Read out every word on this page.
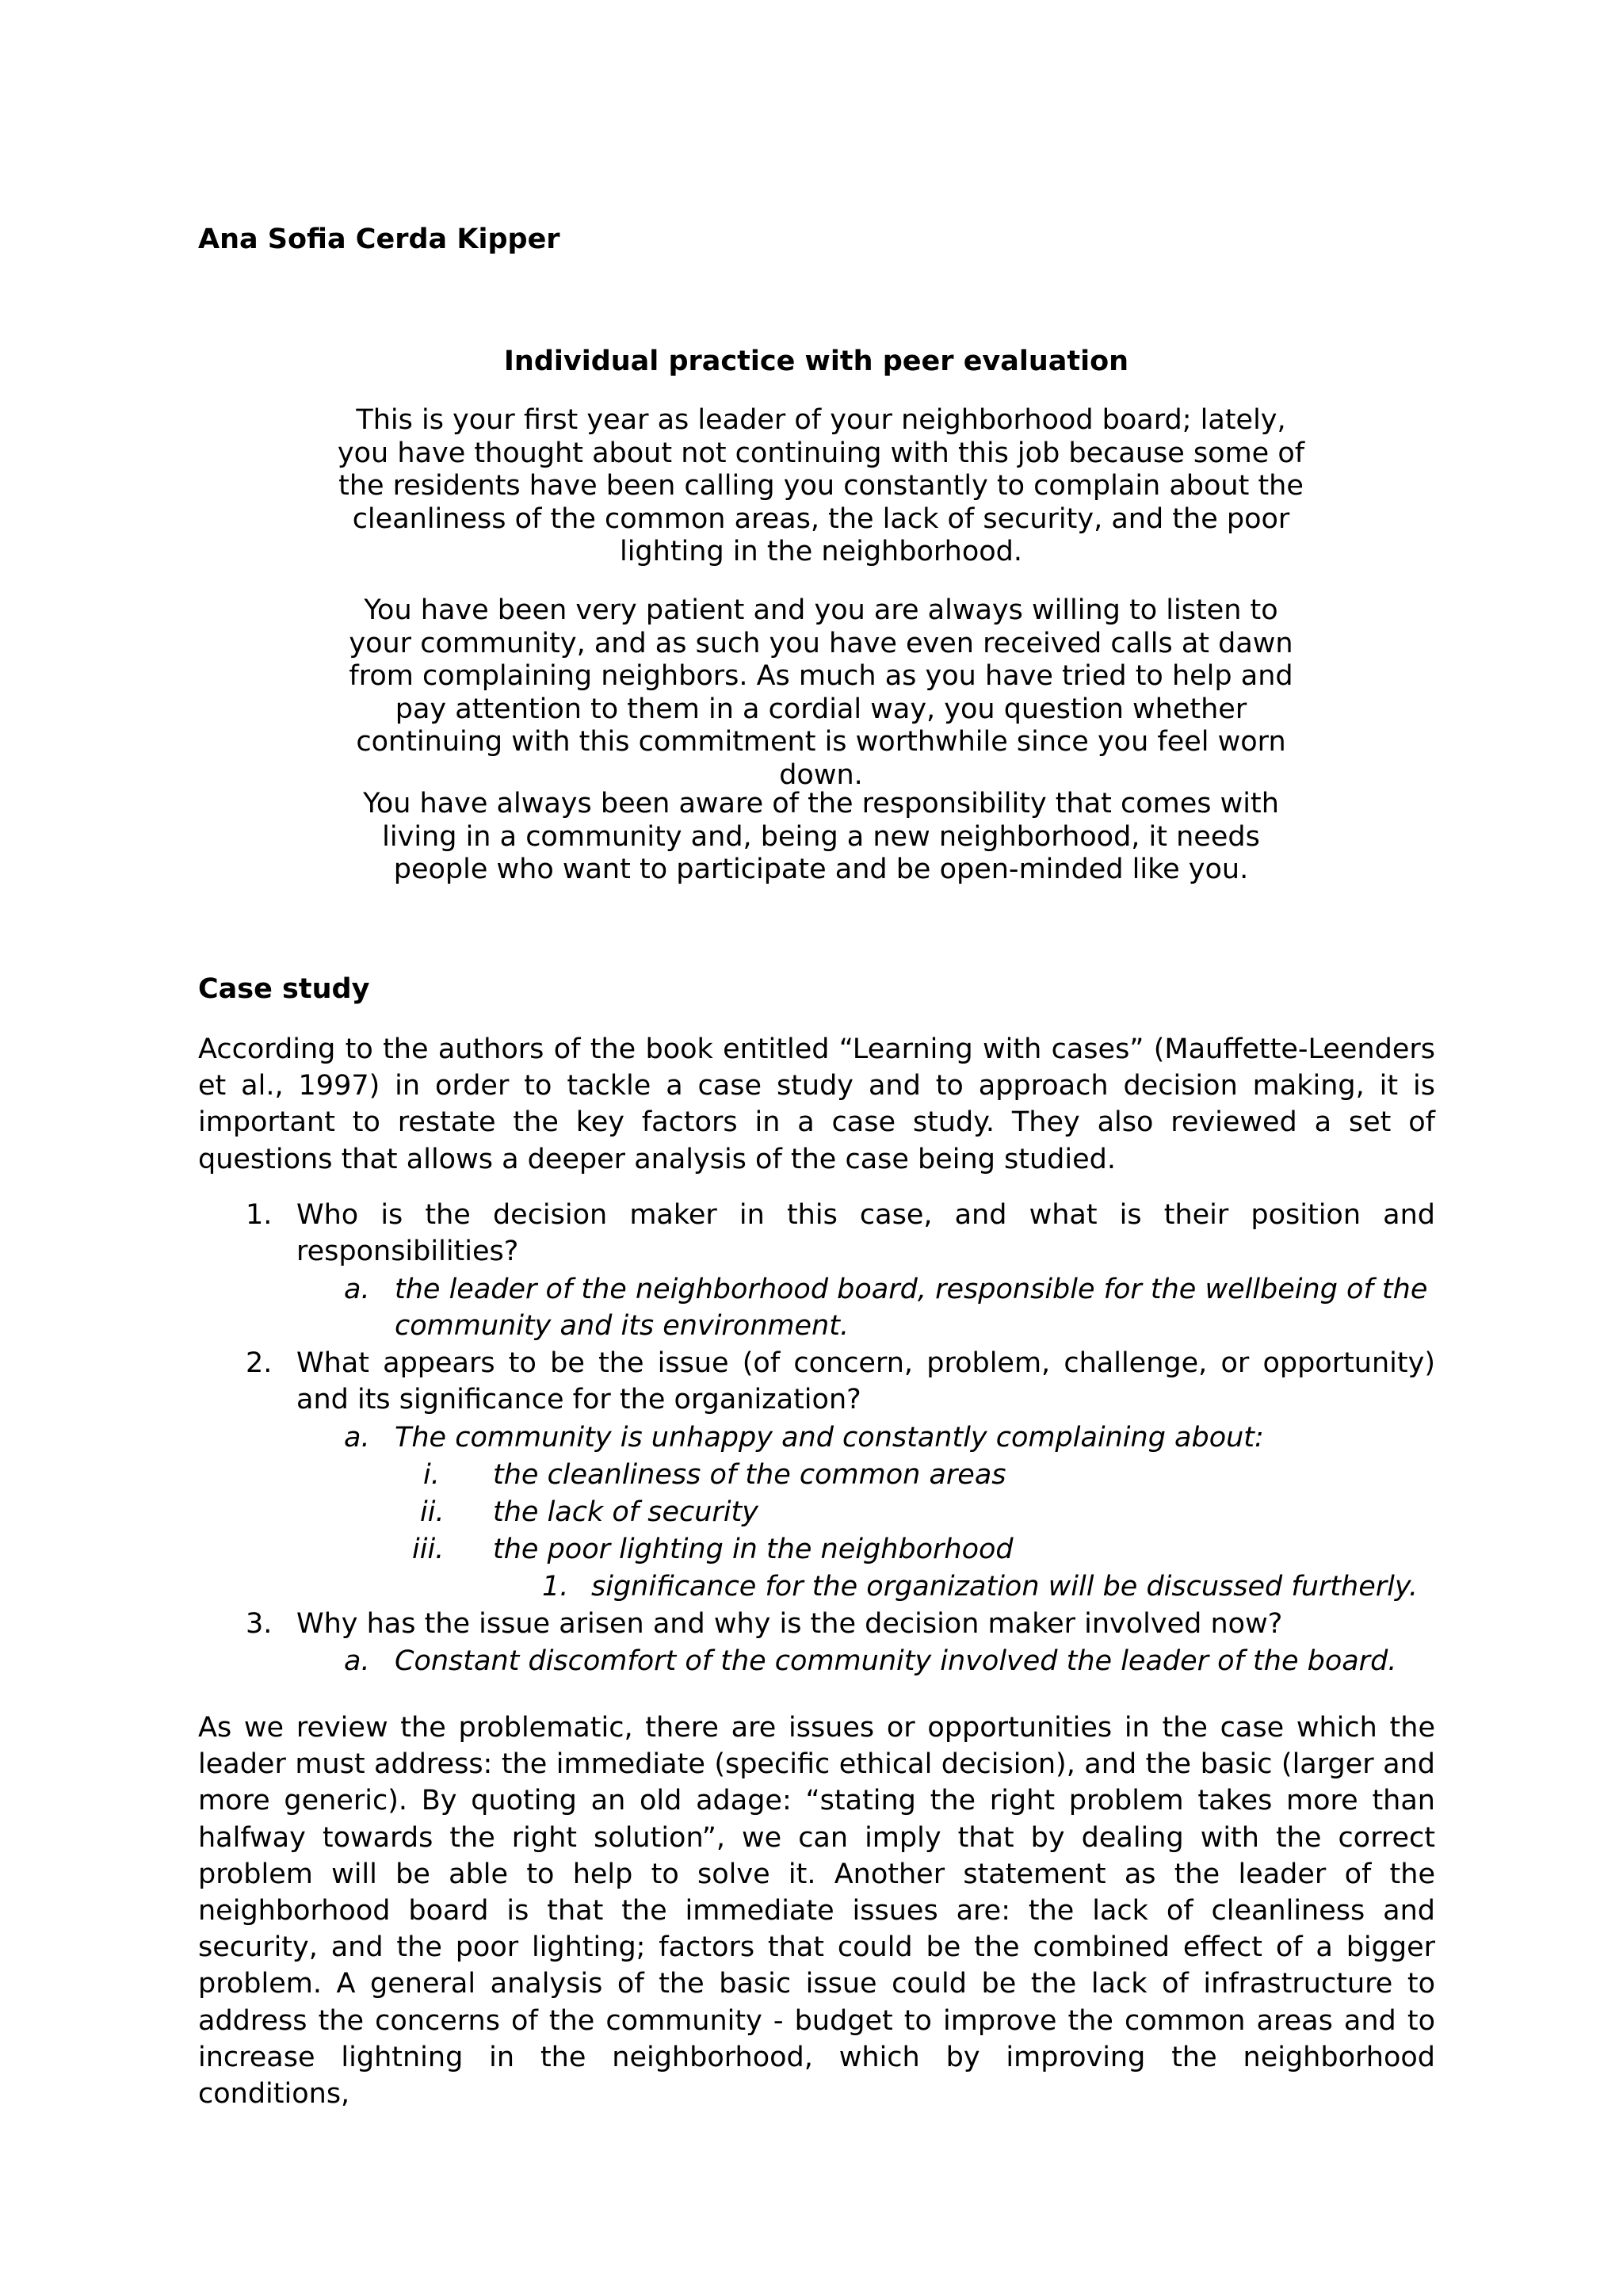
Ana Sofia Cerda Kipper
Individual practice with peer evaluation

This is your first year as leader of your neighborhood board; lately, you have thought about not continuing with this job because some of the residents have been calling you constantly to complain about the cleanliness of the common areas, the lack of security, and the poor lighting in the neighborhood.

You have been very patient and you are always willing to listen to your community, and as such you have even received calls at dawn from complaining neighbors. As much as you have tried to help and pay attention to them in a cordial way, you question whether continuing with this commitment is worthwhile since you feel worn down.

You have always been aware of the responsibility that comes with living in a community and, being a new neighborhood, it needs people who want to participate and be open-minded like you.

Case study

According to the authors of the book entitled “Learning with cases” (Mauffette-Leenders et al., 1997) in order to tackle a case study and to approach decision making, it is important to restate the key factors in a case study. They also reviewed a set of questions that allows a deeper analysis of the case being studied.

1. Who is the decision maker in this case, and what is their position and responsibilities?

a. the leader of the neighborhood board, responsible for the wellbeing of the community and its environment.

2. What appears to be the issue (of concern, problem, challenge, or opportunity) and its significance for the organization?

a. The community is unhappy and constantly complaining about:

i. the cleanliness of the common areas

ii. the lack of security

iii. the poor lighting in the neighborhood

1. significance for the organization will be discussed furtherly.

3. Why has the issue arisen and why is the decision maker involved now?

a. Constant discomfort of the community involved the leader of the board.

As we review the problematic, there are issues or opportunities in the case which the leader must address: the immediate (specific ethical decision), and the basic (larger and more generic). By quoting an old adage: “stating the right problem takes more than halfway towards the right solution”, we can imply that by dealing with the correct problem will be able to help to solve it. Another statement as the leader of the neighborhood board is that the immediate issues are: the lack of cleanliness and security, and the poor lighting; factors that could be the combined effect of a bigger problem. A general analysis of the basic issue could be the lack of infrastructure to address the concerns of the community - budget to improve the common areas and to increase lightning in the neighborhood, which by improving the neighborhood conditions,
